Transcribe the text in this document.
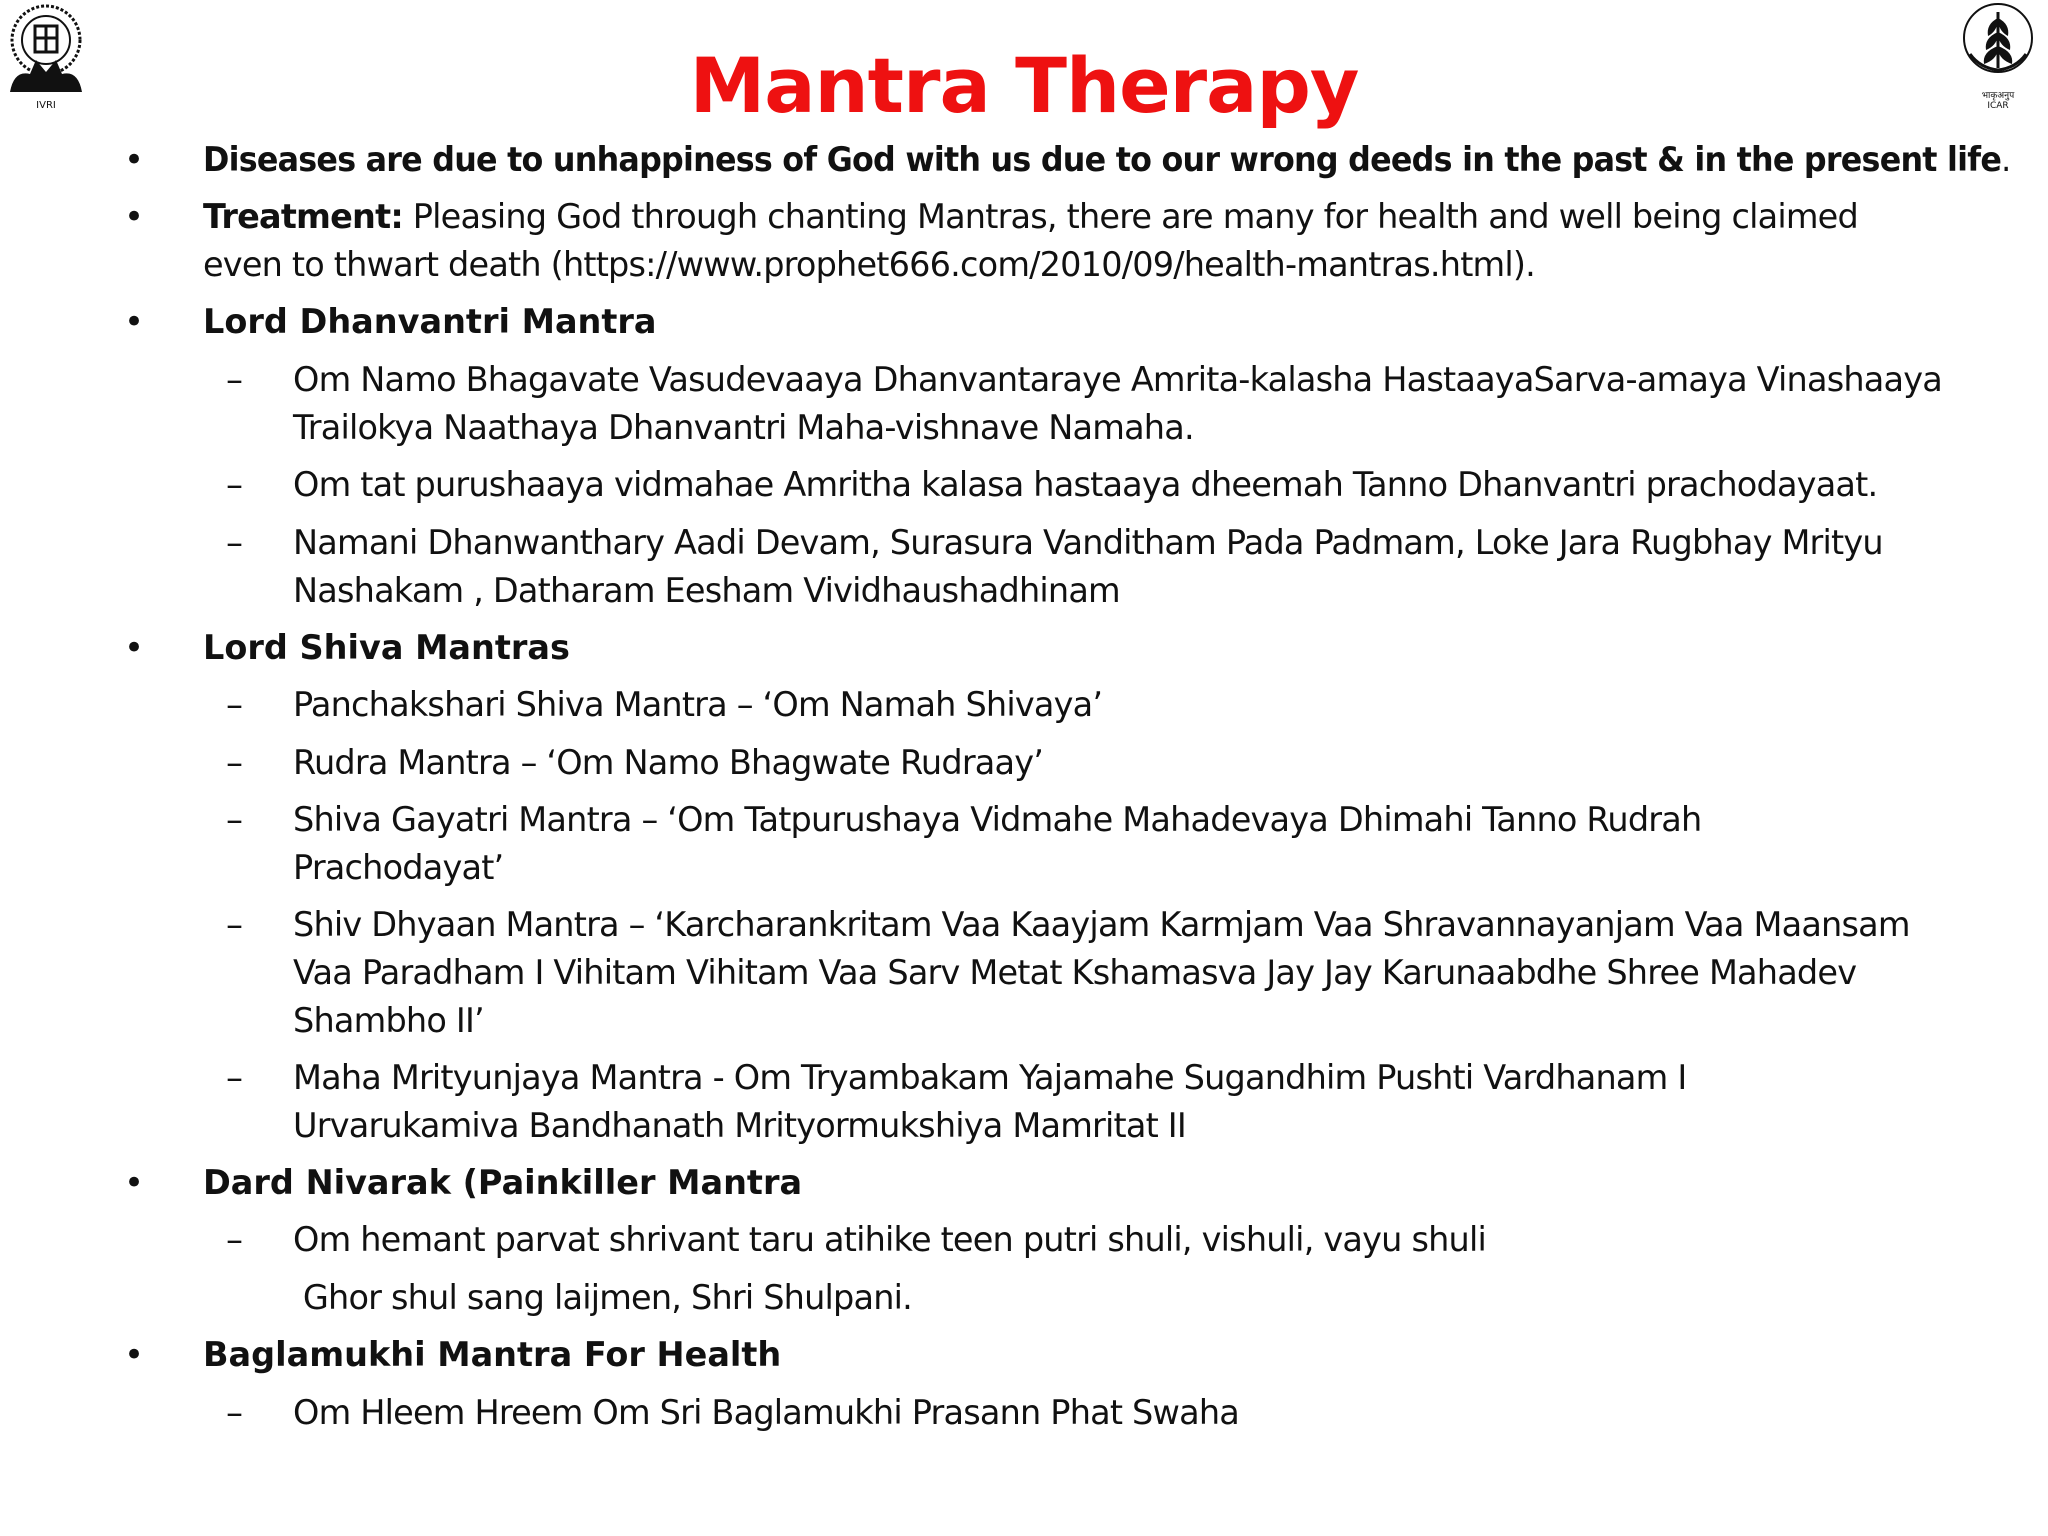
IVRI
भाकृअनुप
ICAR
Mantra Therapy
• Diseases are due to unhappiness of God with us due to our wrong deeds in the past & in the present life.
• Treatment: Pleasing God through chanting Mantras, there are many for health and well being claimed
even to thwart death (https://www.prophet666.com/2010/09/health-mantras.html).
• Lord Dhanvantri Mantra
– Om Namo Bhagavate Vasudevaaya Dhanvantaraye Amrita-kalasha HastaayaSarva-amaya Vinashaaya
Trailokya Naathaya Dhanvantri Maha-vishnave Namaha.
– Om tat purushaaya vidmahae Amritha kalasa hastaaya dheemah Tanno Dhanvantri prachodayaat.
– Namani Dhanwanthary Aadi Devam, Surasura Vanditham Pada Padmam, Loke Jara Rugbhay Mrityu
Nashakam , Datharam Eesham Vividhaushadhinam
• Lord Shiva Mantras
– Panchakshari Shiva Mantra – ‘Om Namah Shivaya’
– Rudra Mantra – ‘Om Namo Bhagwate Rudraay’
– Shiva Gayatri Mantra – ‘Om Tatpurushaya Vidmahe Mahadevaya Dhimahi Tanno Rudrah
Prachodayat’
– Shiv Dhyaan Mantra – ‘Karcharankritam Vaa Kaayjam Karmjam Vaa Shravannayanjam Vaa Maansam
Vaa Paradham I Vihitam Vihitam Vaa Sarv Metat Kshamasva Jay Jay Karunaabdhe Shree Mahadev
Shambho II’
– Maha Mrityunjaya Mantra - Om Tryambakam Yajamahe Sugandhim Pushti Vardhanam I
Urvarukamiva Bandhanath Mrityormukshiya Mamritat II
• Dard Nivarak (Painkiller Mantra
– Om hemant parvat shrivant taru atihike teen putri shuli, vishuli, vayu shuli
Ghor shul sang laijmen, Shri Shulpani.
• Baglamukhi Mantra For Health
– Om Hleem Hreem Om Sri Baglamukhi Prasann Phat Swaha
